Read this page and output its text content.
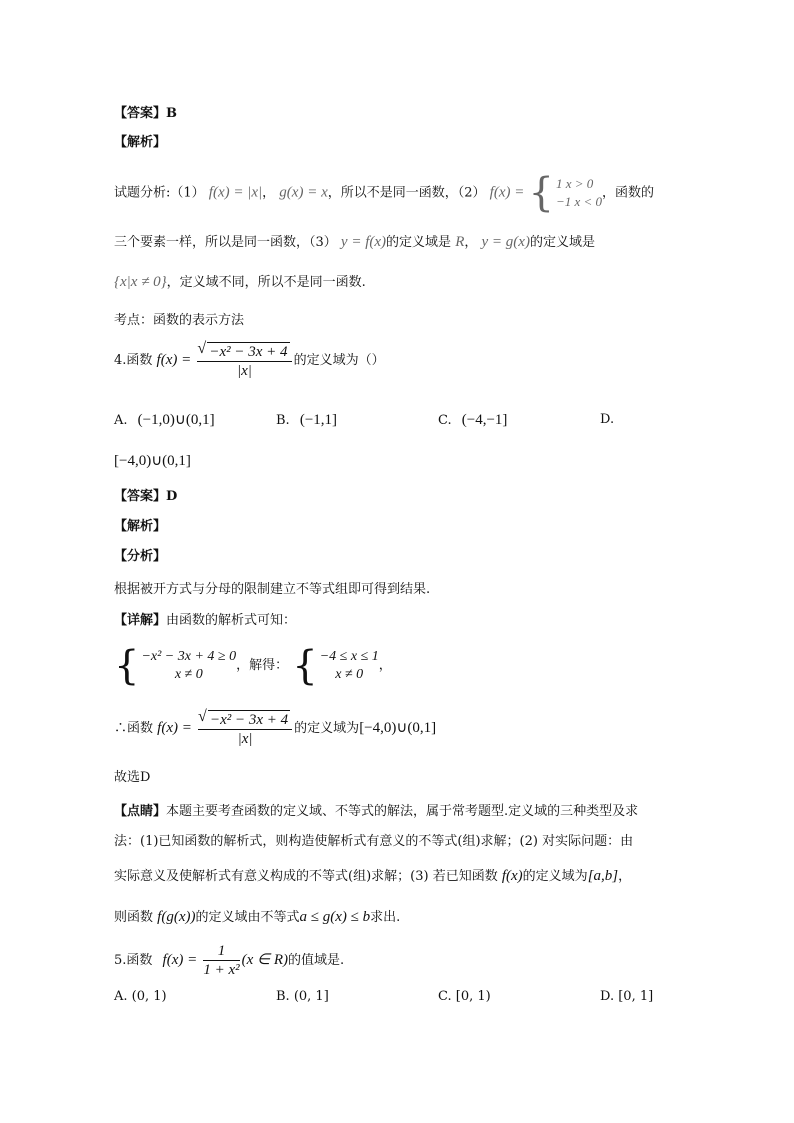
【答案】B
【解析】
试题分析:（1） f(x) = |x|， g(x) = x，所以不是同一函数，（2） f(x) = { 1 x > 0
−1 x < 0
，函数的
三个要素一样，所以是同一函数，（3） y = f(x)的定义域是 R， y = g(x)的定义域是
{x|x ≠ 0}，定义域不同，所以不是同一函数.
考点：函数的表示方法
4.函数 f(x) = √ $\frac{\text{−x² − 3x + 4}}{|x|}$ 的定义域为（）
A. (−1,0)∪(0,1]	B. (−1,1]	C. (−4,−1]	D.
[−4,0)∪(0,1]
【答案】D
【解析】
【分析】
根据被开方式与分母的限制建立不等式组即可得到结果.
【详解】由函数的解析式可知：
{ −x² − 3x + 4 ≥ 0
x ≠ 0
，解得： { −4 ≤ x ≤ 1
x ≠ 0
，
∴函数 f(x) = √ $\frac{\text{−x² − 3x + 4}}{|x|}$ 的定义域为[−4,0)∪(0,1]
故选D
【点睛】本题主要考查函数的定义域、不等式的解法，属于常考题型.定义域的三种类型及求
法：(1)已知函数的解析式，则构造使解析式有意义的不等式(组)求解；(2) 对实际问题：由
实际意义及使解析式有意义构成的不等式(组)求解；(3) 若已知函数 f(x)的定义域为[a,b]，
则函数 f(g(x))的定义域由不等式a ≤ g(x) ≤ b求出.
5.函数 $f(x) = \frac{1}{\text{1 + x²}} (x$ ∈ R)的值域是.
A. (0, 1)	B. (0, 1]	C. [0, 1)	D. [0, 1]
